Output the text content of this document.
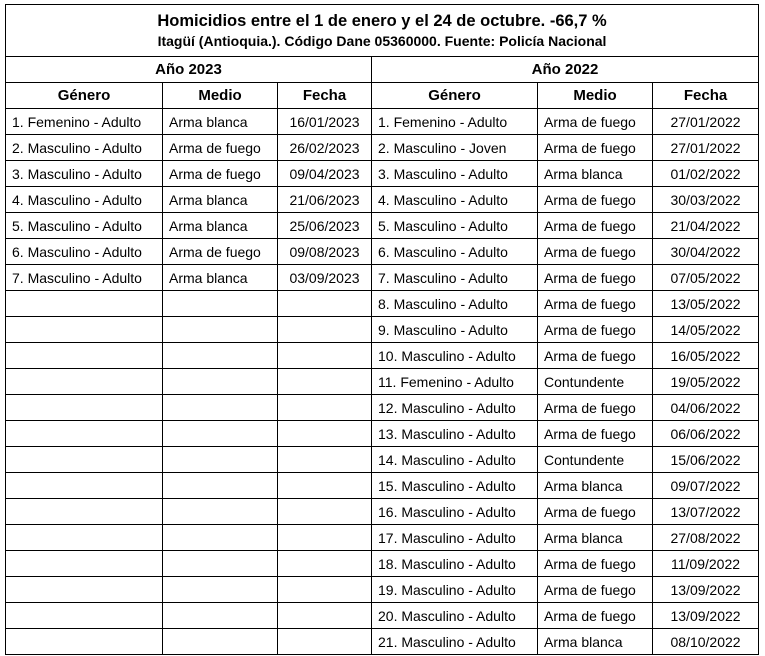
Homicidios entre el 1 de enero y el 24 de octubre. -66,7 %
Itagüí (Antioquia.). Código Dane 05360000. Fuente: Policía Nacional					

Año 2023			Año 2022		
Género	Medio	Fecha	Género	Medio	Fecha
1. Femenino - Adulto	Arma blanca	16/01/2023	1. Femenino - Adulto	Arma de fuego	27/01/2022
2. Masculino - Adulto	Arma de fuego	26/02/2023	2. Masculino - Joven	Arma de fuego	27/01/2022
3. Masculino - Adulto	Arma de fuego	09/04/2023	3. Masculino - Adulto	Arma blanca	01/02/2022
4. Masculino - Adulto	Arma blanca	21/06/2023	4. Masculino - Adulto	Arma de fuego	30/03/2022
5. Masculino - Adulto	Arma blanca	25/06/2023	5. Masculino - Adulto	Arma de fuego	21/04/2022
6. Masculino - Adulto	Arma de fuego	09/08/2023	6. Masculino - Adulto	Arma de fuego	30/04/2022
7. Masculino - Adulto	Arma blanca	03/09/2023	7. Masculino - Adulto	Arma de fuego	07/05/2022
			8. Masculino - Adulto	Arma de fuego	13/05/2022
			9. Masculino - Adulto	Arma de fuego	14/05/2022
			10. Masculino - Adulto	Arma de fuego	16/05/2022
			11. Femenino - Adulto	Contundente	19/05/2022
			12. Masculino - Adulto	Arma de fuego	04/06/2022
			13. Masculino - Adulto	Arma de fuego	06/06/2022
			14. Masculino - Adulto	Contundente	15/06/2022
			15. Masculino - Adulto	Arma blanca	09/07/2022
			16. Masculino - Adulto	Arma de fuego	13/07/2022
			17. Masculino - Adulto	Arma blanca	27/08/2022
			18. Masculino - Adulto	Arma de fuego	11/09/2022
			19. Masculino - Adulto	Arma de fuego	13/09/2022
			20. Masculino - Adulto	Arma de fuego	13/09/2022
			21. Masculino - Adulto	Arma blanca	08/10/2022
